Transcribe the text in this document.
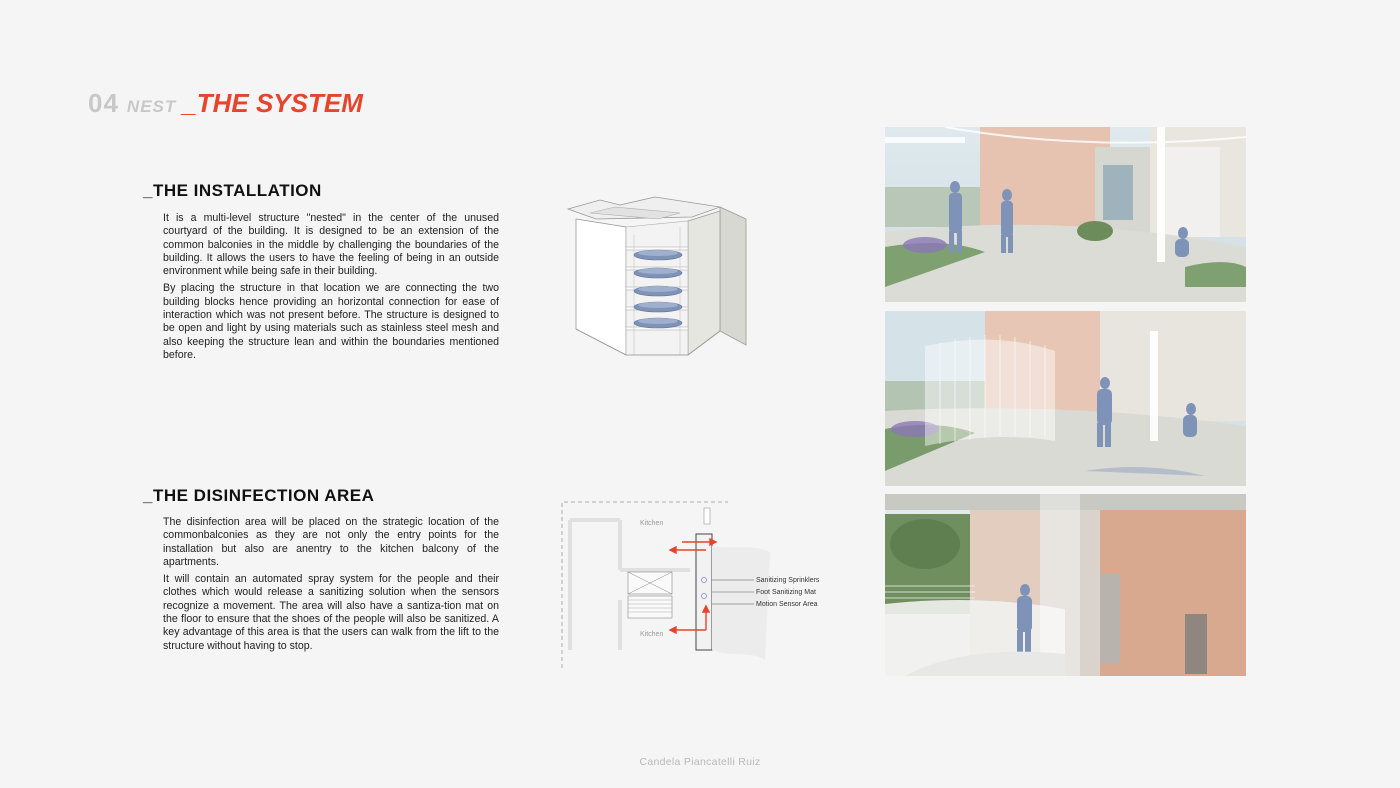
04 NEST _THE SYSTEM
_THE INSTALLATION

It is a multi-level structure "nested" in the center of the unused courtyard of the building. It is designed to be an extension of the common balconies in the middle by challenging the boundaries of the building. It allows the users to have the feeling of being in an outside environment while being safe in their building.

By placing the structure in that location we are connecting the two building blocks hence providing an horizontal connection for ease of interaction which was not present before. The structure is designed to be open and light by using materials such as stainless steel mesh and also keeping the structure lean and within the boundaries mentioned before.

_THE DISINFECTION AREA

The disinfection area will be placed on the strategic location of the commonbalconies as they are not only the entry points for the installation but also are anentry to the kitchen balcony of the apartments.

It will contain an automated spray system for the people and their clothes which would release a sanitizing solution when the sensors recognize a movement. The area will also have a santiza-tion mat on the floor to ensure that the shoes of the people will also be sanitized. A key advantage of this area is that the users can walk from the lift to the structure without having to stop.

Kitchen
Kitchen
Sanitizing Sprinklers
Foot Sanitizing Mat
Motion Sensor Area
Candela Piancatelli Ruiz
